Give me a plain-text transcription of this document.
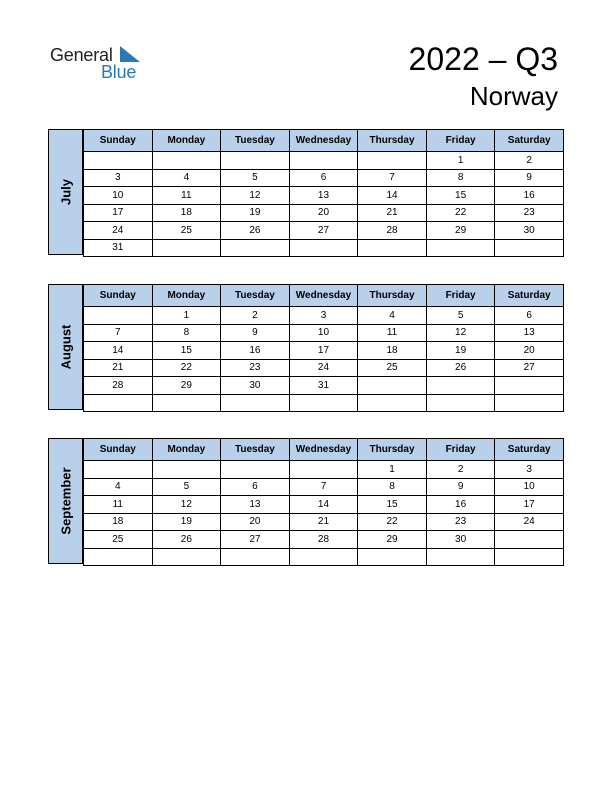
General
Blue	2022 – Q3
Norway
July
Sunday	Monday	Tuesday	Wednesday	Thursday	Friday	Saturday
					1	2
3	4	5	6	7	8	9
10	11	12	13	14	15	16
17	18	19	20	21	22	23
24	25	26	27	28	29	30
31						
August
Sunday	Monday	Tuesday	Wednesday	Thursday	Friday	Saturday
	1	2	3	4	5	6
7	8	9	10	11	12	13
14	15	16	17	18	19	20
21	22	23	24	25	26	27
28	29	30	31			

September
Sunday	Monday	Tuesday	Wednesday	Thursday	Friday	Saturday
				1	2	3
4	5	6	7	8	9	10
11	12	13	14	15	16	17
18	19	20	21	22	23	24
25	26	27	28	29	30	
